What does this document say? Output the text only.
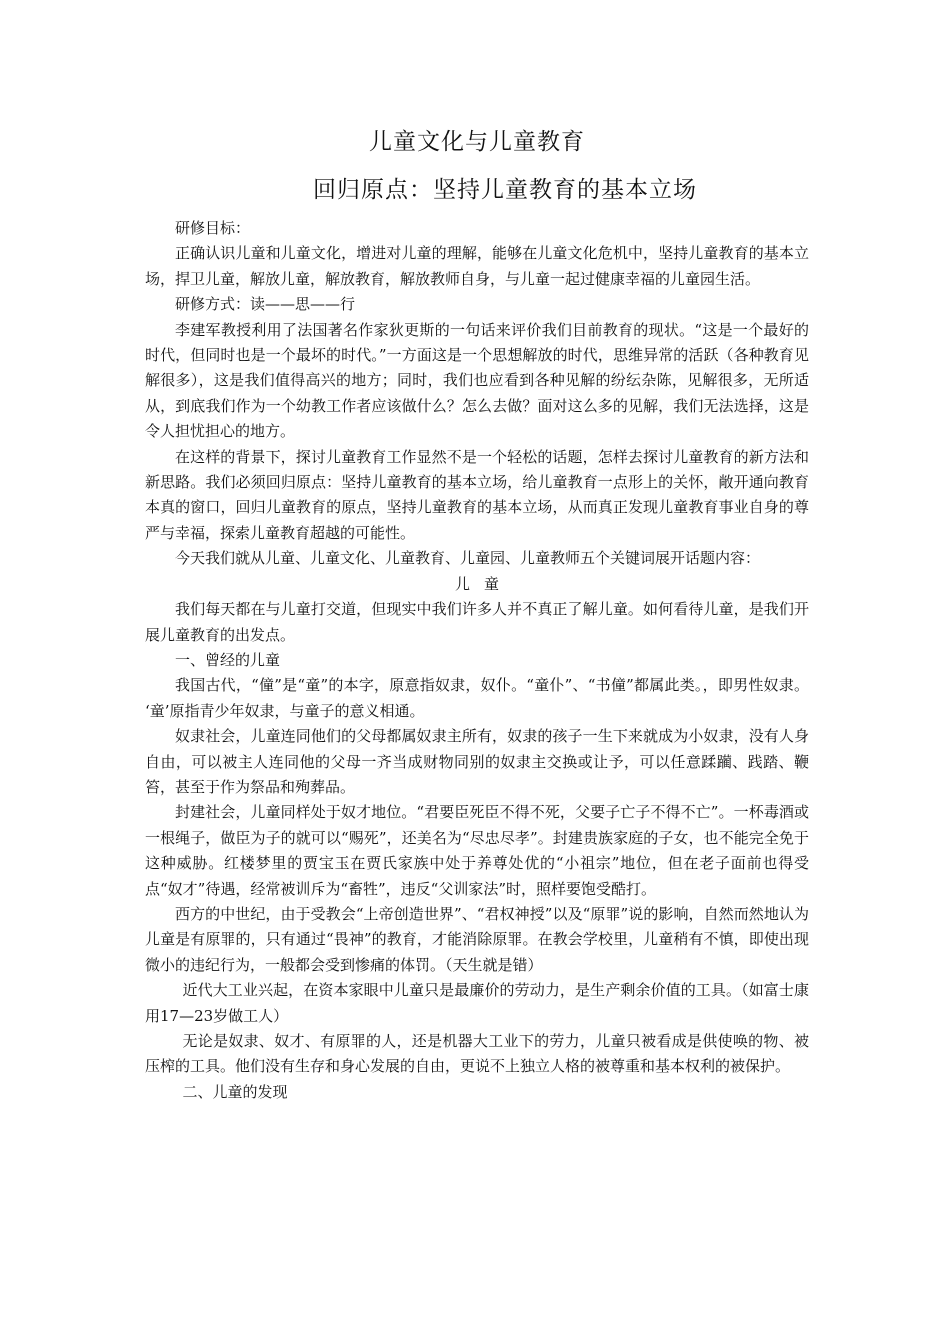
儿童文化与儿童教育
回归原点：坚持儿童教育的基本立场

研修目标：

正确认识儿童和儿童文化，增进对儿童的理解，能够在儿童文化危机中，坚持儿童教育的基本立场，捍卫儿童，解放儿童，解放教育，解放教师自身，与儿童一起过健康幸福的儿童园生活。

研修方式：读——思——行

李建军教授利用了法国著名作家狄更斯的一句话来评价我们目前教育的现状。“这是一个最好的时代，但同时也是一个最坏的时代。”一方面这是一个思想解放的时代，思维异常的活跃（各种教育见解很多），这是我们值得高兴的地方；同时，我们也应看到各种见解的纷纭杂陈，见解很多，无所适从，到底我们作为一个幼教工作者应该做什么？怎么去做？面对这么多的见解，我们无法选择，这是令人担忧担心的地方。

在这样的背景下，探讨儿童教育工作显然不是一个轻松的话题，怎样去探讨儿童教育的新方法和新思路。我们必须回归原点：坚持儿童教育的基本立场，给儿童教育一点形上的关怀，敞开通向教育本真的窗口，回归儿童教育的原点，坚持儿童教育的基本立场，从而真正发现儿童教育事业自身的尊严与幸福，探索儿童教育超越的可能性。

今天我们就从儿童、儿童文化、儿童教育、儿童园、儿童教师五个关键词展开话题内容：

儿童

我们每天都在与儿童打交道，但现实中我们许多人并不真正了解儿童。如何看待儿童，是我们开展儿童教育的出发点。

一、曾经的儿童

我国古代，“僮”是“童”的本字，原意指奴隶，奴仆。“童仆”、“书僮”都属此类。，即男性奴隶。 ‘童’原指青少年奴隶，与童子的意义相通。

奴隶社会，儿童连同他们的父母都属奴隶主所有，奴隶的孩子一生下来就成为小奴隶，没有人身自由，可以被主人连同他的父母一齐当成财物同别的奴隶主交换或让予，可以任意蹂躏、践踏、鞭笞，甚至于作为祭品和殉葬品。

封建社会，儿童同样处于奴才地位。“君要臣死臣不得不死，父要子亡子不得不亡”。一杯毒酒或一根绳子，做臣为子的就可以“赐死”，还美名为“尽忠尽孝”。封建贵族家庭的子女，也不能完全免于这种威胁。红楼梦里的贾宝玉在贾氏家族中处于养尊处优的“小祖宗”地位，但在老子面前也得受点“奴才”待遇，经常被训斥为“畜牲”，违反“父训家法”时，照样要饱受酷打。

西方的中世纪，由于受教会“上帝创造世界”、“君权神授”以及“原罪”说的影响，自然而然地认为儿童是有原罪的，只有通过“畏神”的教育，才能消除原罪。在教会学校里，儿童稍有不慎，即使出现微小的违纪行为，一般都会受到惨痛的体罚。（天生就是错）

近代大工业兴起，在资本家眼中儿童只是最廉价的劳动力，是生产剩余价值的工具。（如富士康用17—23岁做工人）

无论是奴隶、奴才、有原罪的人，还是机器大工业下的劳力，儿童只被看成是供使唤的物、被压榨的工具。他们没有生存和身心发展的自由，更说不上独立人格的被尊重和基本权利的被保护。

二、儿童的发现
